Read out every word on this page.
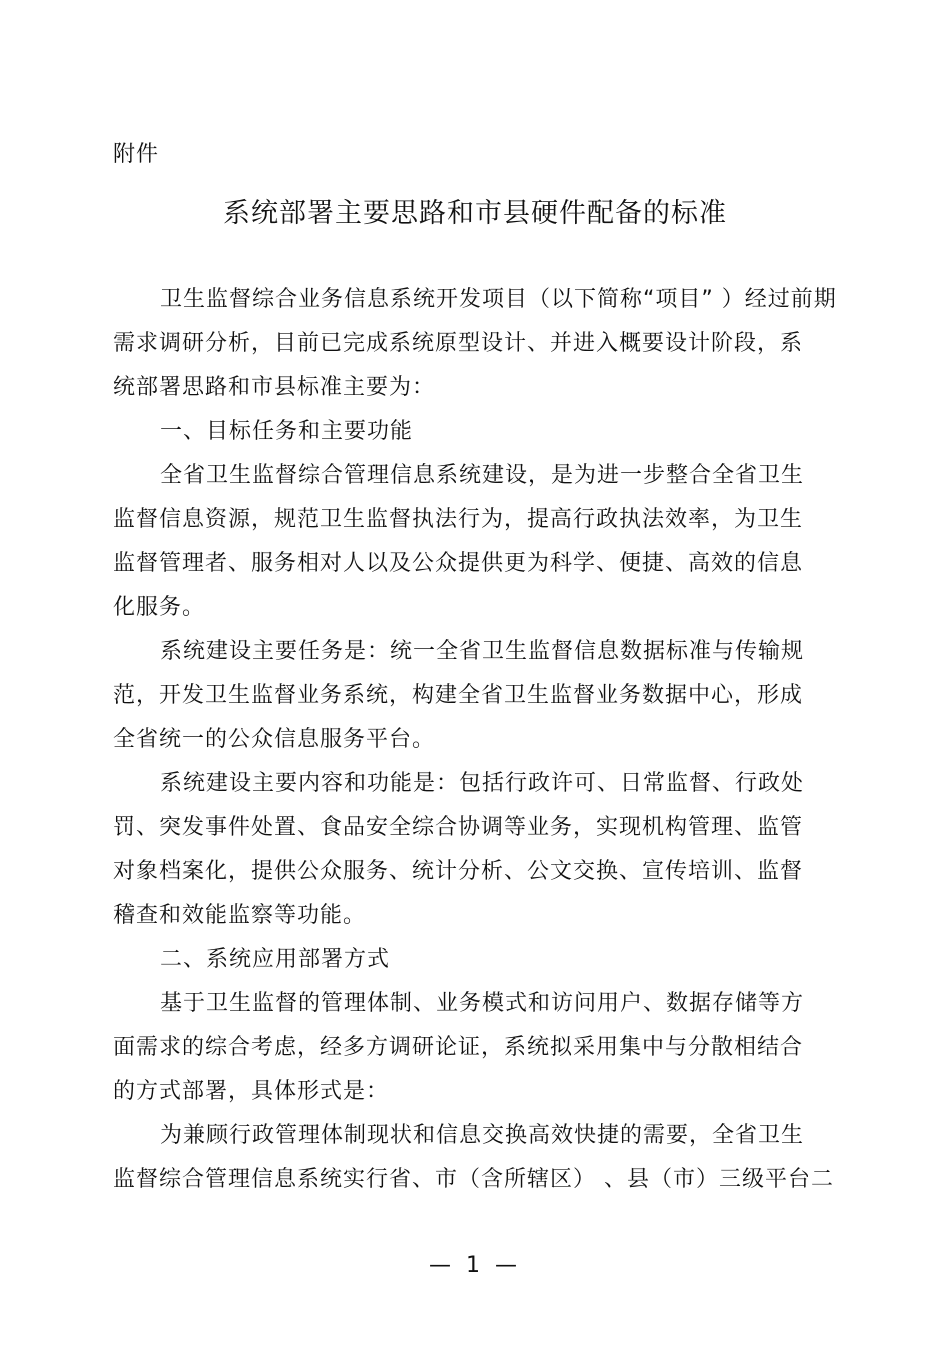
附件
系统部署主要思路和市县硬件配备的标准

卫生监督综合业务信息系统开发项目（以下简称“项目” ）经过前期
需求调研分析，目前已完成系统原型设计、并进入概要设计阶段，系
统部署思路和市县标准主要为：

一、目标任务和主要功能

全省卫生监督综合管理信息系统建设，是为进一步整合全省卫生
监督信息资源，规范卫生监督执法行为，提高行政执法效率，为卫生
监督管理者、服务相对人以及公众提供更为科学、便捷、高效的信息
化服务。

系统建设主要任务是：统一全省卫生监督信息数据标准与传输规
范，开发卫生监督业务系统，构建全省卫生监督业务数据中心，形成
全省统一的公众信息服务平台。

系统建设主要内容和功能是：包括行政许可、日常监督、行政处
罚、突发事件处置、食品安全综合协调等业务，实现机构管理、监管
对象档案化，提供公众服务、统计分析、公文交换、宣传培训、监督
稽查和效能监察等功能。

二、系统应用部署方式

基于卫生监督的管理体制、业务模式和访问用户、数据存储等方
面需求的综合考虑，经多方调研论证，系统拟采用集中与分散相结合
的方式部署，具体形式是：

为兼顾行政管理体制现状和信息交换高效快捷的需要，全省卫生
监督综合管理信息系统实行省、市（含所辖区） 、县（市）三级平台二

— 1 —
